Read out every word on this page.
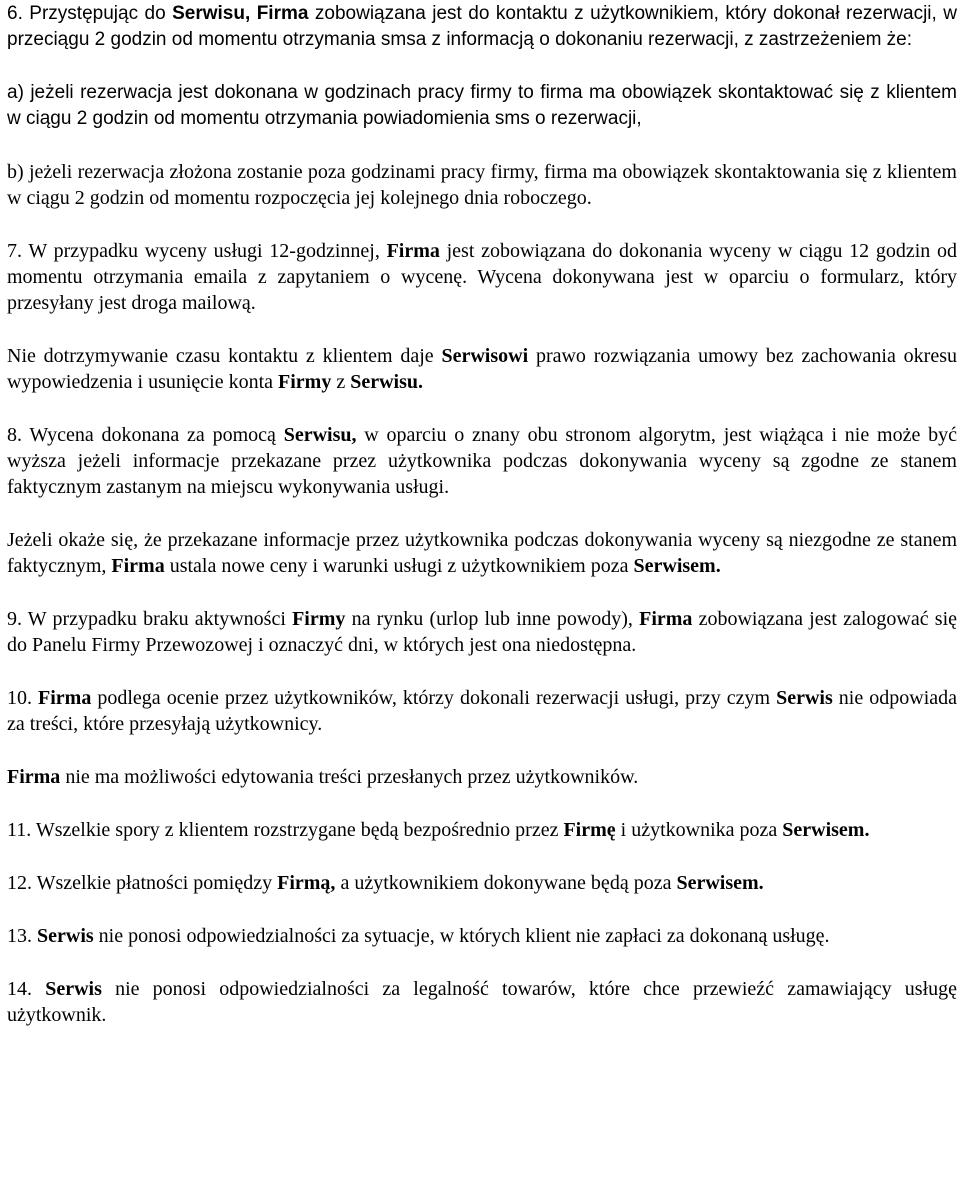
6. Przystępując do Serwisu, Firma zobowiązana jest do kontaktu z użytkownikiem, który dokonał rezerwacji, w przeciągu 2 godzin od momentu otrzymania smsa z informacją o dokonaniu rezerwacji, z zastrzeżeniem że:

a) jeżeli rezerwacja jest dokonana w godzinach pracy firmy to firma ma obowiązek skontaktować się z klientem w ciągu 2 godzin od momentu otrzymania powiadomienia sms o rezerwacji,

b) jeżeli rezerwacja złożona zostanie poza godzinami pracy firmy, firma ma obowiązek skontaktowania się z klientem w ciągu 2 godzin od momentu rozpoczęcia jej kolejnego dnia roboczego.

7. W przypadku wyceny usługi 12-godzinnej, Firma jest zobowiązana do dokonania wyceny w ciągu 12 godzin od momentu otrzymania emaila z zapytaniem o wycenę. Wycena dokonywana jest w oparciu o formularz, który przesyłany jest droga mailową.

Nie dotrzymywanie czasu kontaktu z klientem daje Serwisowi prawo rozwiązania umowy bez zachowania okresu wypowiedzenia i usunięcie konta Firmy z Serwisu.

8. Wycena dokonana za pomocą Serwisu, w oparciu o znany obu stronom algorytm, jest wiążąca i nie może być wyższa jeżeli informacje przekazane przez użytkownika podczas dokonywania wyceny są zgodne ze stanem faktycznym zastanym na miejscu wykonywania usługi.

Jeżeli okaże się, że przekazane informacje przez użytkownika podczas dokonywania wyceny są niezgodne ze stanem faktycznym, Firma ustala nowe ceny i warunki usługi z użytkownikiem poza Serwisem.

9. W przypadku braku aktywności Firmy na rynku (urlop lub inne powody), Firma zobowiązana jest zalogować się do Panelu Firmy Przewozowej i oznaczyć dni, w których jest ona niedostępna.

10. Firma podlega ocenie przez użytkowników, którzy dokonali rezerwacji usługi, przy czym Serwis nie odpowiada za treści, które przesyłają użytkownicy.

Firma nie ma możliwości edytowania treści przesłanych przez użytkowników.

11. Wszelkie spory z klientem rozstrzygane będą bezpośrednio przez Firmę i użytkownika poza Serwisem.

12. Wszelkie płatności pomiędzy Firmą, a użytkownikiem dokonywane będą poza Serwisem.

13. Serwis nie ponosi odpowiedzialności za sytuacje, w których klient nie zapłaci za dokonaną usługę.

14. Serwis nie ponosi odpowiedzialności za legalność towarów, które chce przewieźć zamawiający usługę użytkownik.
